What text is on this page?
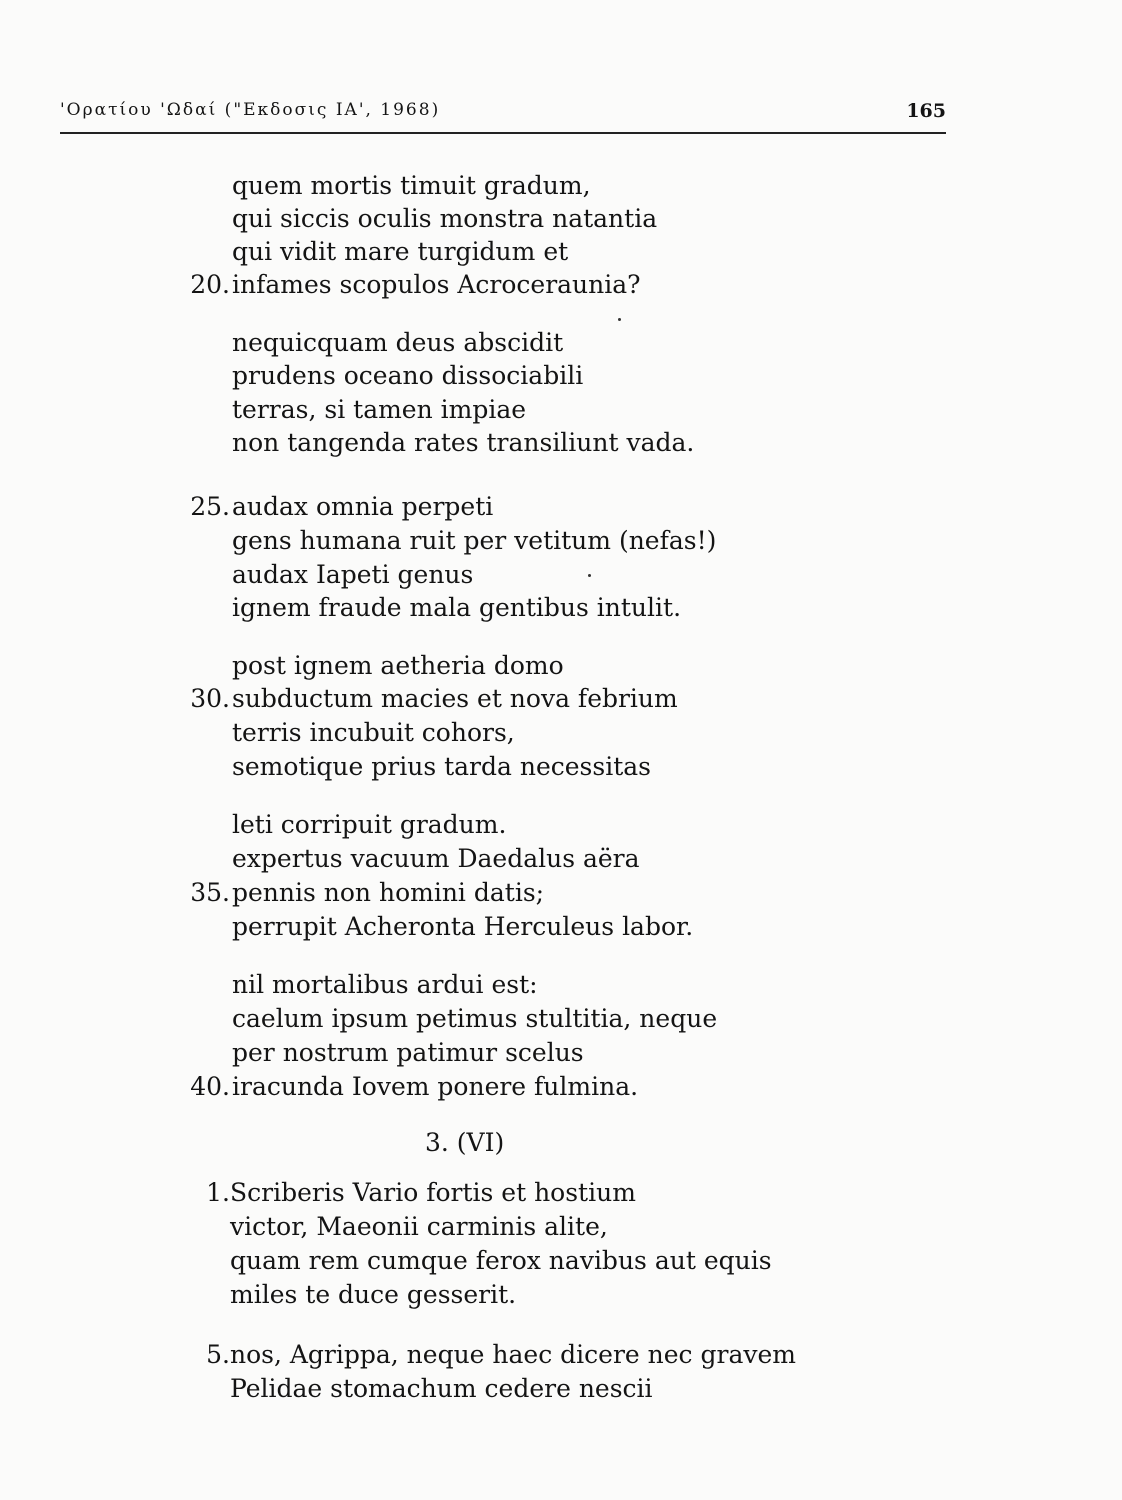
'Ορατίου 'Ωδαί ("Εκδοσις ΙΑ', 1968)	165
quem mortis timuit gradum,
qui siccis oculis monstra natantia
qui vidit mare turgidum et
20. infames scopulos Acroceraunia?
nequicquam deus abscidit
prudens oceano dissociabili
terras, si tamen impiae
non tangenda rates transiliunt vada.
25. audax omnia perpeti
gens humana ruit per vetitum (nefas!)
audax Iapeti genus
ignem fraude mala gentibus intulit.
post ignem aetheria domo
30. subductum macies et nova febrium
terris incubuit cohors,
semotique prius tarda necessitas
leti corripuit gradum.
expertus vacuum Daedalus aëra
35. pennis non homini datis;
perrupit Acheronta Herculeus labor.
nil mortalibus ardui est:
caelum ipsum petimus stultitia, neque
per nostrum patimur scelus
40. iracunda Iovem ponere fulmina.
1. Scriberis Vario fortis et hostium
victor, Maeonii carminis alite,
quam rem cumque ferox navibus aut equis
miles te duce gesserit.
5. nos, Agrippa, neque haec dicere nec gravem
Pelidae stomachum cedere nescii
3. (VI)
